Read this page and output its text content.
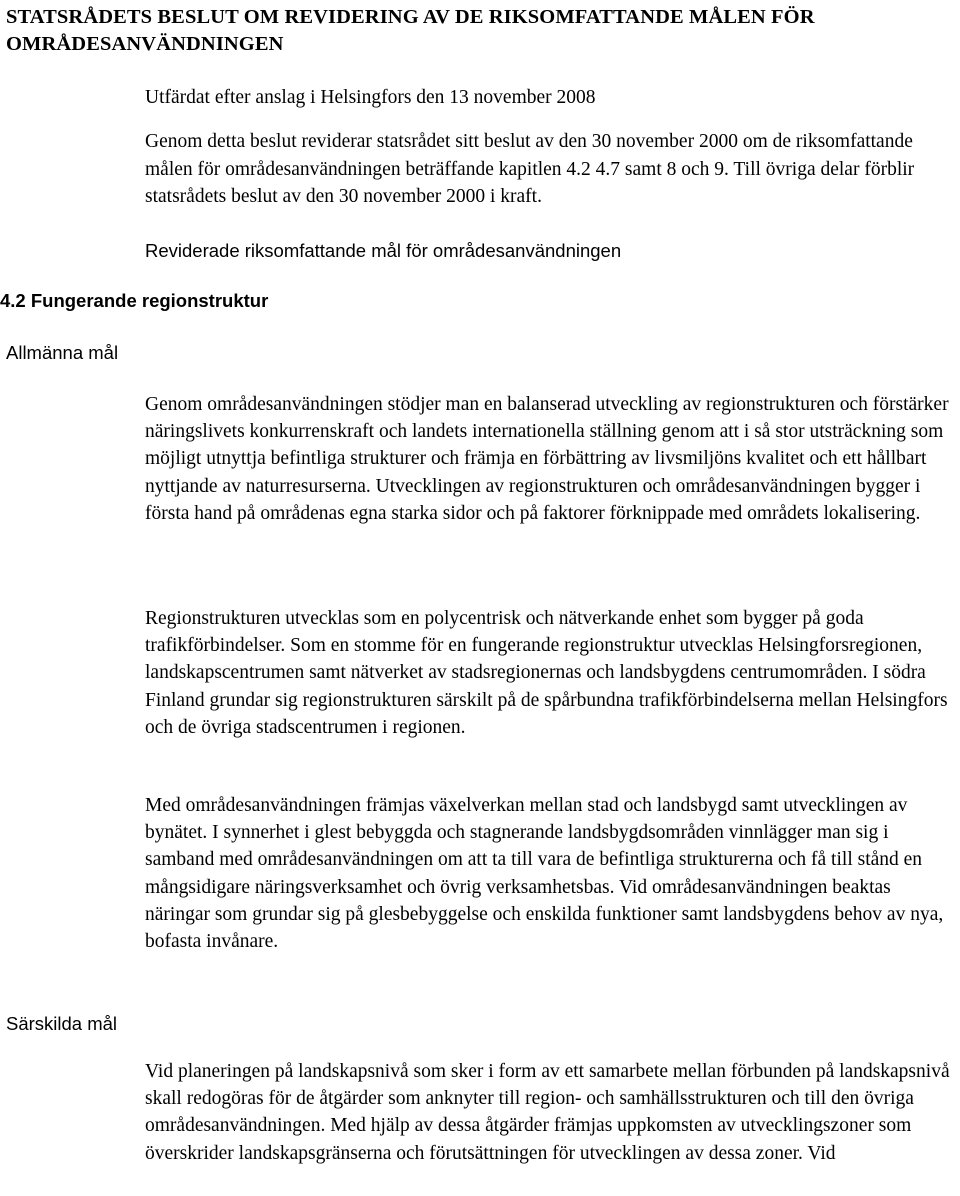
STATSRÅDETS BESLUT OM REVIDERING AV DE RIKSOMFATTANDE MÅLEN FÖR OMRÅDESANVÄNDNINGEN

Utfärdat efter anslag i Helsingfors den 13 november 2008

Genom detta beslut reviderar statsrådet sitt beslut av den 30 november 2000 om de riksomfattande målen för områdesanvändningen beträffande kapitlen 4.2 4.7 samt 8 och 9. Till övriga delar förblir statsrådets beslut av den 30 november 2000 i kraft.

Reviderade riksomfattande mål för områdesanvändningen

4.2 Fungerande regionstruktur

Allmänna mål

Genom områdesanvändningen stödjer man en balanserad utveckling av regionstrukturen och förstärker näringslivets konkurrenskraft och landets internationella ställning genom att i så stor utsträckning som möjligt utnyttja befintliga strukturer och främja en förbättring av livsmiljöns kvalitet och ett hållbart nyttjande av naturresurserna. Utvecklingen av regionstrukturen och områdesanvändningen bygger i första hand på områdenas egna starka sidor och på faktorer förknippade med områdets lokalisering.

Regionstrukturen utvecklas som en polycentrisk och nätverkande enhet som bygger på goda trafikförbindelser. Som en stomme för en fungerande regionstruktur utvecklas Helsingforsregionen, landskapscentrumen samt nätverket av stadsregionernas och landsbygdens centrumområden. I södra Finland grundar sig regionstrukturen särskilt på de spårbundna trafikförbindelserna mellan Helsingfors och de övriga stadscentrumen i regionen.

Med områdesanvändningen främjas växelverkan mellan stad och landsbygd samt utvecklingen av bynätet. I synnerhet i glest bebyggda och stagnerande landsbygdsområden vinnlägger man sig i samband med områdesanvändningen om att ta till vara de befintliga strukturerna och få till stånd en mångsidigare näringsverksamhet och övrig verksamhetsbas. Vid områdesanvändningen beaktas näringar som grundar sig på glesbebyggelse och enskilda funktioner samt landsbygdens behov av nya, bofasta invånare.

Särskilda mål

Vid planeringen på landskapsnivå som sker i form av ett samarbete mellan förbunden på landskapsnivå skall redogöras för de åtgärder som anknyter till region- och samhällsstrukturen och till den övriga områdesanvändningen. Med hjälp av dessa åtgärder främjas uppkomsten av utvecklingszoner som överskrider landskapsgränserna och förutsättningen för utvecklingen av dessa zoner. Vid
